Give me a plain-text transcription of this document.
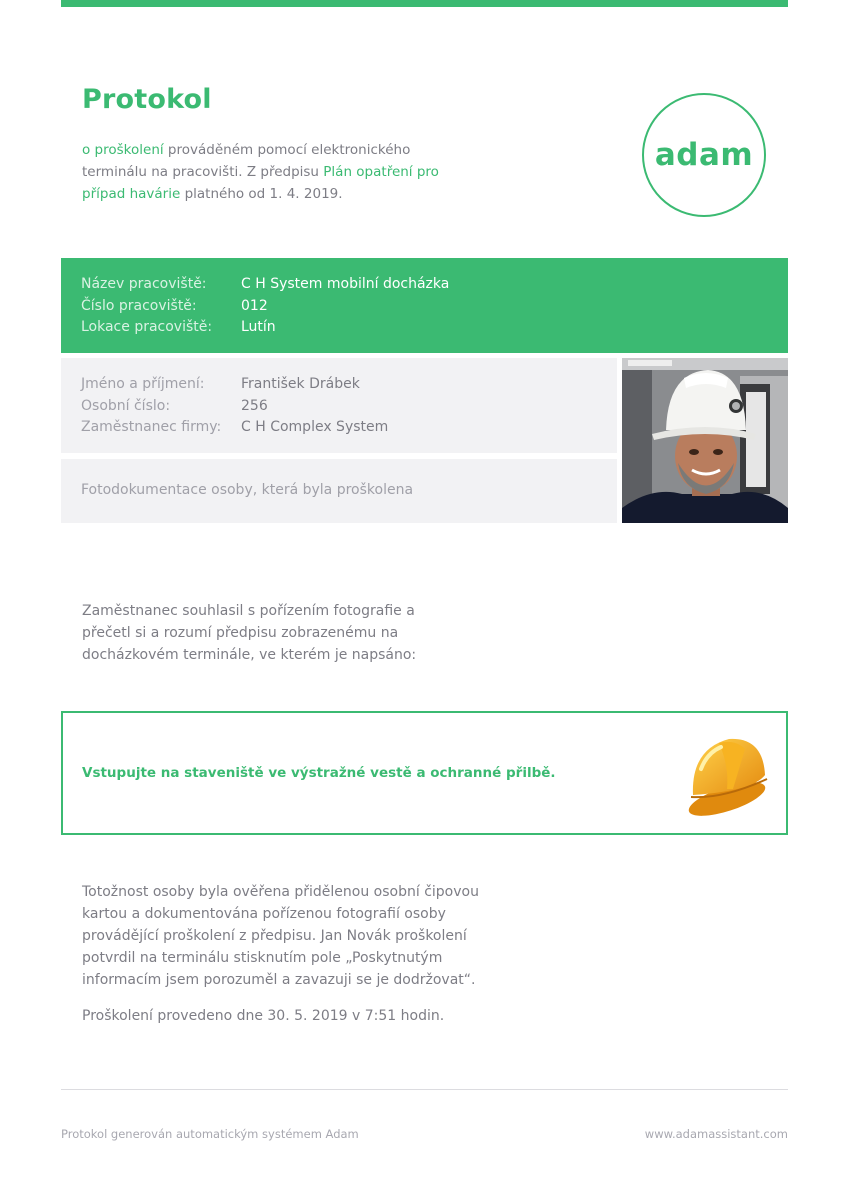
Protokol
o proškolení prováděném pomocí elektronického terminálu na pracovišti. Z předpisu Plán opatření pro případ havárie platného od 1. 4. 2019.
adam
Název pracoviště: C H System mobilní docházka
Číslo pracoviště:	012
Lokace pracoviště: Lutín
Jméno a příjmení:	František Drábek
Osobní číslo:	256
Zaměstnanec firmy: C H Complex System
Fotodokumentace osoby, která byla proškolena
Zaměstnanec souhlasil s pořízením fotografie a přečetl si a rozumí předpisu zobrazenému na docházkovém terminále, ve kterém je napsáno:
Vstupujte na staveniště ve výstražné vestě a ochranné přilbě.
Totožnost osoby byla ověřena přidělenou osobní čipovou kartou a dokumentována pořízenou fotografií osoby provádějící proškolení z předpisu. Jan Novák proškolení potvrdil na terminálu stisknutím pole „Poskytnutým informacím jsem porozuměl a zavazuji se je dodržovat“.
Proškolení provedeno dne 30. 5. 2019 v 7:51 hodin.
Protokol generován automatickým systémem Adam	www.adamassistant.com
